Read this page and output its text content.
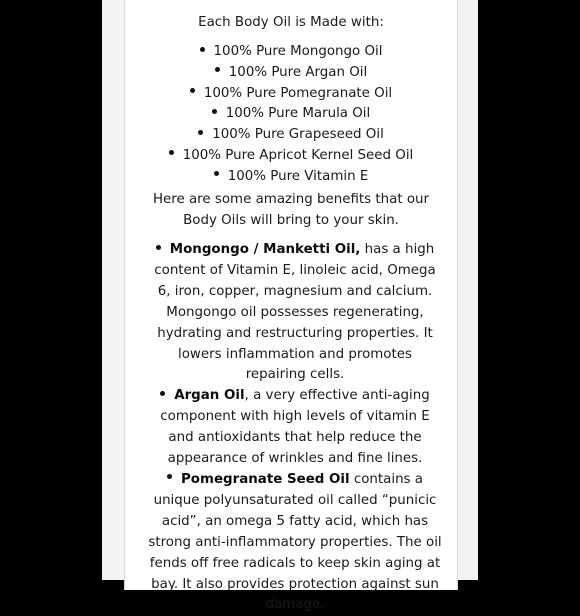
Each Body Oil is Made with:
100% Pure Mongongo Oil
100% Pure Argan Oil
100% Pure Pomegranate Oil
100% Pure Marula Oil
100% Pure Grapeseed Oil
100% Pure Apricot Kernel Seed Oil
100% Pure Vitamin E
Here are some amazing benefits that our Body Oils will bring to your skin.
Mongongo / Manketti Oil, has a high content of Vitamin E, linoleic acid, Omega 6, iron, copper, magnesium and calcium. Mongongo oil possesses regenerating, hydrating and restructuring properties. It lowers inflammation and promotes repairing cells.
Argan Oil, a very effective anti-aging component with high levels of vitamin E and antioxidants that help reduce the appearance of wrinkles and fine lines.
Pomegranate Seed Oil contains a unique polyunsaturated oil called “punicic acid”, an omega 5 fatty acid, which has strong anti-inflammatory properties. The oil fends off free radicals to keep skin aging at bay. It also provides protection against sun damage.
